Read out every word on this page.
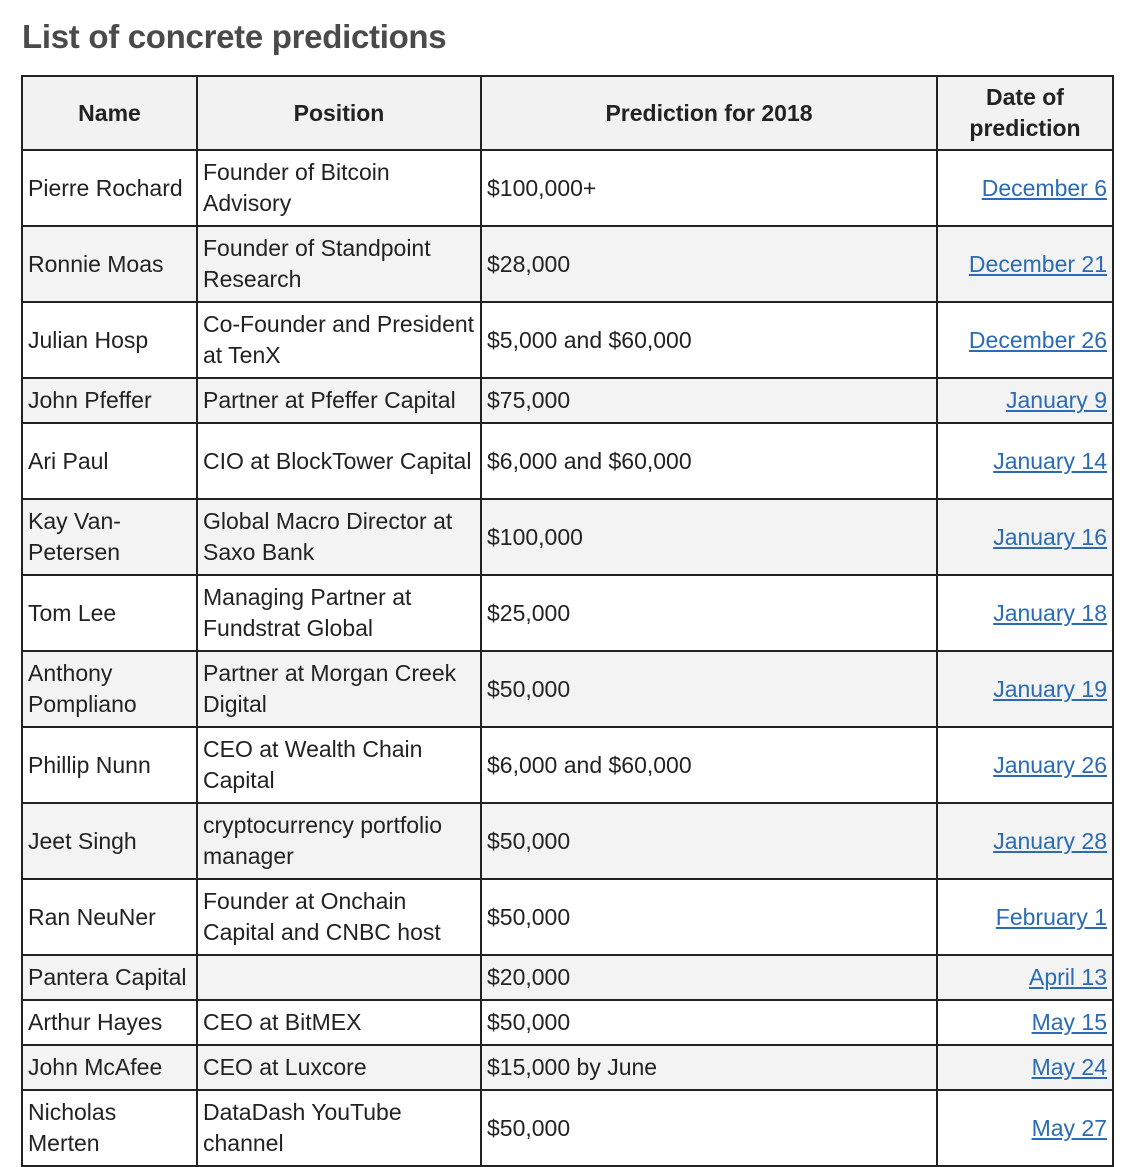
List of concrete predictions
Name	Position	Prediction for 2018	Date of prediction
Pierre Rochard	Founder of Bitcoin Advisory	$100,000+	December 6
Ronnie Moas	Founder of Standpoint Research	$28,000	December 21
Julian Hosp	Co-Founder and President at TenX	$5,000 and $60,000	December 26
John Pfeffer	Partner at Pfeffer Capital	$75,000	January 9
Ari Paul	CIO at BlockTower Capital	$6,000 and $60,000	January 14
Kay Van-Petersen	Global Macro Director at Saxo Bank	$100,000	January 16
Tom Lee	Managing Partner at Fundstrat Global	$25,000	January 18
Anthony Pompliano	Partner at Morgan Creek Digital	$50,000	January 19
Phillip Nunn	CEO at Wealth Chain Capital	$6,000 and $60,000	January 26
Jeet Singh	cryptocurrency portfolio manager	$50,000	January 28
Ran NeuNer	Founder at Onchain Capital and CNBC host	$50,000	February 1
Pantera Capital		$20,000	April 13
Arthur Hayes	CEO at BitMEX	$50,000	May 15
John McAfee	CEO at Luxcore	$15,000 by June	May 24
Nicholas Merten	DataDash YouTube channel	$50,000	May 27
